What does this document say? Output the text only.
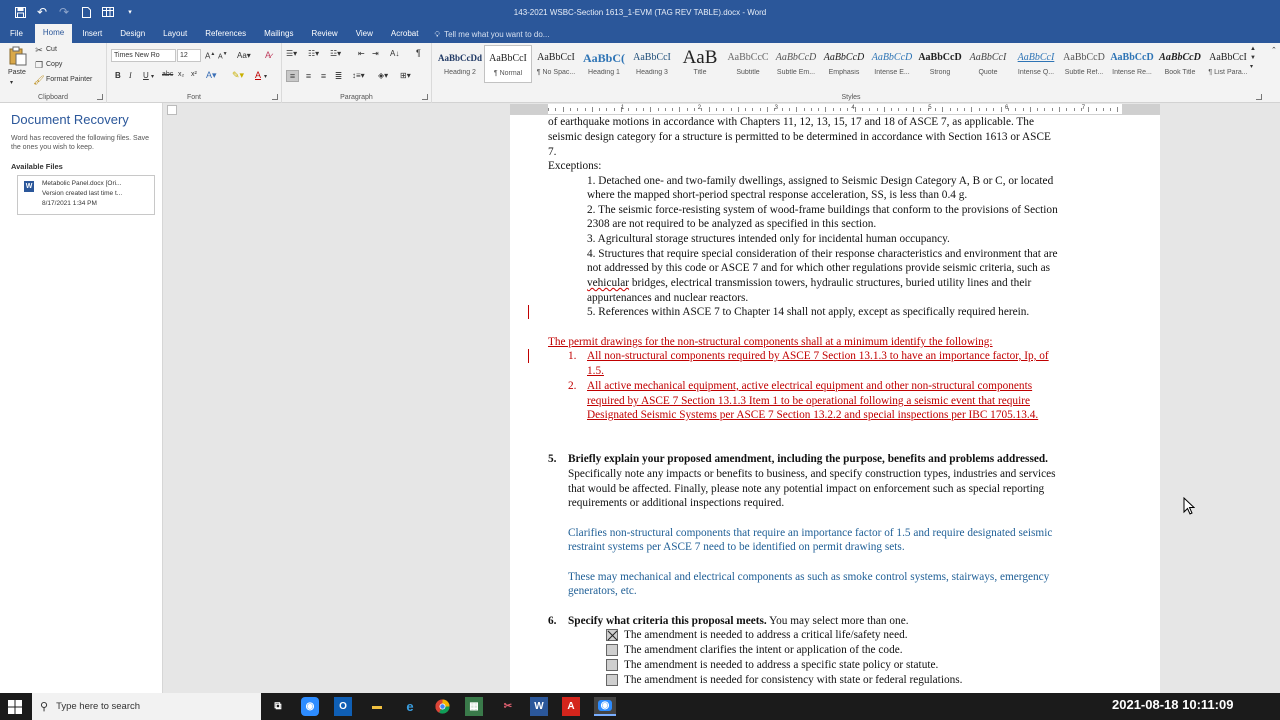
↶ ↷	▾	143-2021 WSBC-Section 1613_1-EVM (TAG REV TABLE).docx - Word
File	Home	Insert	Design	Layout	References	Mailings	Review	View	Acrobat	💡︎ Tell me what you want to do...
Paste
▾
✂ Cut
❐ Copy
🖌︎ Format Painter
Clipboard
Times New Ro	12	A▲ A▼ Aa▾ A̷
B I U ▾ abc x₂ x² A▾ ✎▾ A ▾
Font
☰▾ ☷▾ ☳▾ ⇤ ⇥ A↓ ¶
≡	≡	≡ ≣	↕≡▾ ◈▾ ⊞▾
Paragraph	Styles
▲
▼
▾
AaBbCcDd
Heading 2
AaBbCcI
¶ Normal
AaBbCcI
¶ No Spac...
AaBbC(
Heading 1
AaBbCcI
Heading 3
AaB
Title
AaBbCcC
Subtitle
AaBbCcD
Subtle Em...
AaBbCcD
Emphasis
AaBbCcD
Intense E...
AaBbCcD
Strong
AaBbCcI
Quote
AaBbCcI
Intense Q...
AaBbCcD
Subtle Ref...
AaBbCcD
Intense Re...
AaBbCcD
Book Title
AaBbCcI
¶ List Para...
⌃
Document Recovery
Word has recovered the following files. Save the ones you wish to keep.
Available Files
W Metabolic Panel.docx [Ori...
Version created last time t...
8/17/2021 1:34 PM
1	2	3	4	5	6	7
of earthquake motions in accordance with Chapters 11, 12, 13, 15, 17 and 18 of ASCE 7, as applicable. The
seismic design category for a structure is permitted to be determined in accordance with Section 1613 or ASCE
7.
Exceptions:
1. Detached one- and two-family dwellings, assigned to Seismic Design Category A, B or C, or located
where the mapped short-period spectral response acceleration, SS, is less than 0.4 g.
2. The seismic force-resisting system of wood-frame buildings that conform to the provisions of Section
2308 are not required to be analyzed as specified in this section.
3. Agricultural storage structures intended only for incidental human occupancy.
4. Structures that require special consideration of their response characteristics and environment that are
not addressed by this code or ASCE 7 and for which other regulations provide seismic criteria, such as
vehicular bridges, electrical transmission towers, hydraulic structures, buried utility lines and their
appurtenances and nuclear reactors.
5. References within ASCE 7 to Chapter 14 shall not apply, except as specifically required herein.
The permit drawings for the non-structural components shall at a minimum identify the following:
1. All non-structural components required by ASCE 7 Section 13.1.3 to have an importance factor, Ip, of
1.5.
2. All active mechanical equipment, active electrical equipment and other non-structural components
required by ASCE 7 Section 13.1.3 Item 1 to be operational following a seismic event that require
Designated Seismic Systems per ASCE 7 Section 13.2.2 and special inspections per IBC 1705.13.4.
5. Briefly explain your proposed amendment, including the purpose, benefits and problems addressed.
Specifically note any impacts or benefits to business, and specify construction types, industries and services
that would be affected. Finally, please note any potential impact on enforcement such as special reporting
requirements or additional inspections required.
Clarifies non-structural components that require an importance factor of 1.5 and require designated seismic
restraint systems per ASCE 7 need to be identified on permit drawing sets.
These may mechanical and electrical components as such as smoke control systems, stairways, emergency
generators, etc.
6. Specify what criteria this proposal meets. You may select more than one.
The amendment is needed to address a critical life/safety need.
The amendment clarifies the intent or application of the code.
The amendment is needed to address a specific state policy or statute.
The amendment is needed for consistency with state or federal regulations.
⚲ Type here to search	⧉	◉	O	▬	e	▦	✂	W	A	◉	2021-08-18 10:11:09
